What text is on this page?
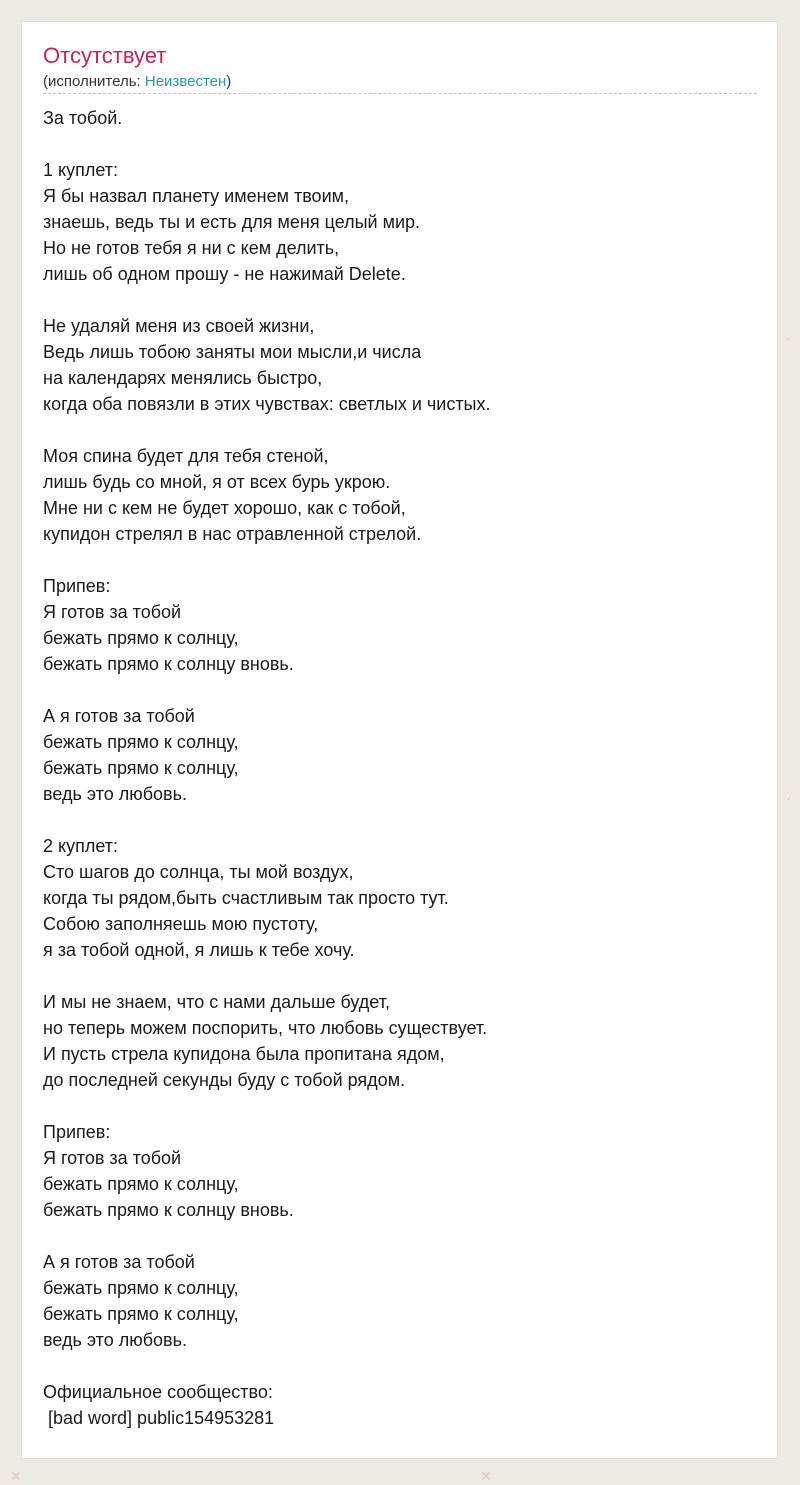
Отсутствует
(исполнитель: Неизвестен)
За тобой.

1 куплет:
Я бы назвал планету именем твоим,
знаешь, ведь ты и есть для меня целый мир.
Но не готов тебя я ни с кем делить,
лишь об одном прошу - не нажимай Delete.

Не удаляй меня из своей жизни,
Ведь лишь тобою заняты мои мысли,и числа
на календарях менялись быстро,
когда оба повязли в этих чувствах: светлых и чистых.

Моя спина будет для тебя стеной,
лишь будь со мной, я от всех бурь укрою.
Мне ни с кем не будет хорошо, как с тобой,
купидон стрелял в нас отравленной стрелой.

Припев:
Я готов за тобой
бежать прямо к солнцу,
бежать прямо к солнцу вновь.

А я готов за тобой
бежать прямо к солнцу,
бежать прямо к солнцу,
ведь это любовь.

2 куплет:
Сто шагов до солнца, ты мой воздух,
когда ты рядом,быть счастливым так просто тут.
Собою заполняешь мою пустоту,
я за тобой одной, я лишь к тебе хочу.

И мы не знаем, что с нами дальше будет,
но теперь можем поспорить, что любовь существует.
И пусть стрела купидона была пропитана ядом,
до последней секунды буду с тобой рядом.

Припев:
Я готов за тобой
бежать прямо к солнцу,
бежать прямо к солнцу вновь.

А я готов за тобой
бежать прямо к солнцу,
бежать прямо к солнцу,
ведь это любовь.

Официальное сообщество:
[bad word] public154953281
✕	✕
·
·
